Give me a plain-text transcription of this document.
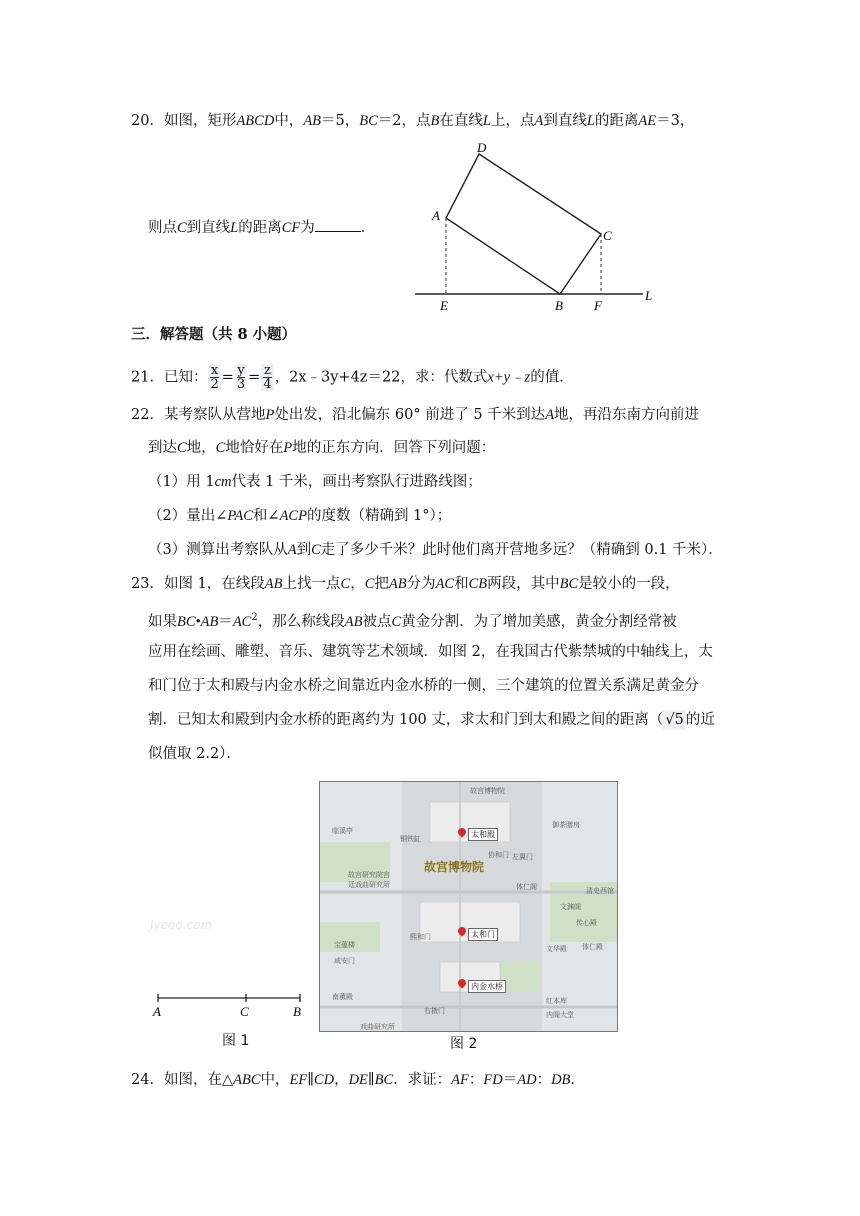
20．如图，矩形ABCD中，AB＝5，BC＝2，点B在直线L上，点A到直线L的距离AE＝3，
则点C到直线L的距离CF为	．
D
A
C
E	B F
L
三．解答题（共 8 小题）
21．已知： $\frac{x}{2} = \frac{y}{3} = \frac{z}{4}$ ，2x﹣3y+4z＝22，求：代数式x+y﹣z的值．
22．某考察队从营地P处出发，沿北偏东 60° 前进了 5 千米到达A地，再沿东南方向前进
到达C地，C地恰好在P地的正东方向．回答下列问题：
（1）用 1cm代表 1 千米，画出考察队行进路线图；
（2）量出∠PAC和∠ACP的度数（精确到 1°）；
（3）测算出考察队从A到C走了多少千米？此时他们离开营地多远？（精确到 0.1 千米）．
23．如图 1，在线段AB上找一点C，C把AB分为AC和CB两段，其中BC是较小的一段，
如果$BC•AB=AC^2$，那么称线段AB被点C黄金分割．为了增加美感，黄金分割经常被
应用在绘画、雕塑、音乐、建筑等艺术领域．如图 2，在我国古代紫禁城的中轴线上，太
和门位于太和殿与内金水桥之间靠近内金水桥的一侧，三个建筑的位置关系满足黄金分
割．已知太和殿到内金水桥的距离约为 100 丈，求太和门到太和殿之间的距离（ √5 的近
似值取 2.2）．
Jyeoo.com
A	C	B
图 1
故宫博物院
御茶膳房
临溪亭
铜铁缸
左翼门
故宫研究院宫
廷戏曲研究所	体仁阁	清史西馆
文渊阁
传心殿
宝蕴楼
咸安门
体仁殿
南薰殿
文华殿
右掖门
红本库
内阁大堂
协和门
熙和门
戏曲研究所
故宫博物院
太和殿
太和门
内金水桥
图 2
24．如图，在△ABC中，EF∥CD，DE∥BC．求证：AF：FD＝AD：DB．
